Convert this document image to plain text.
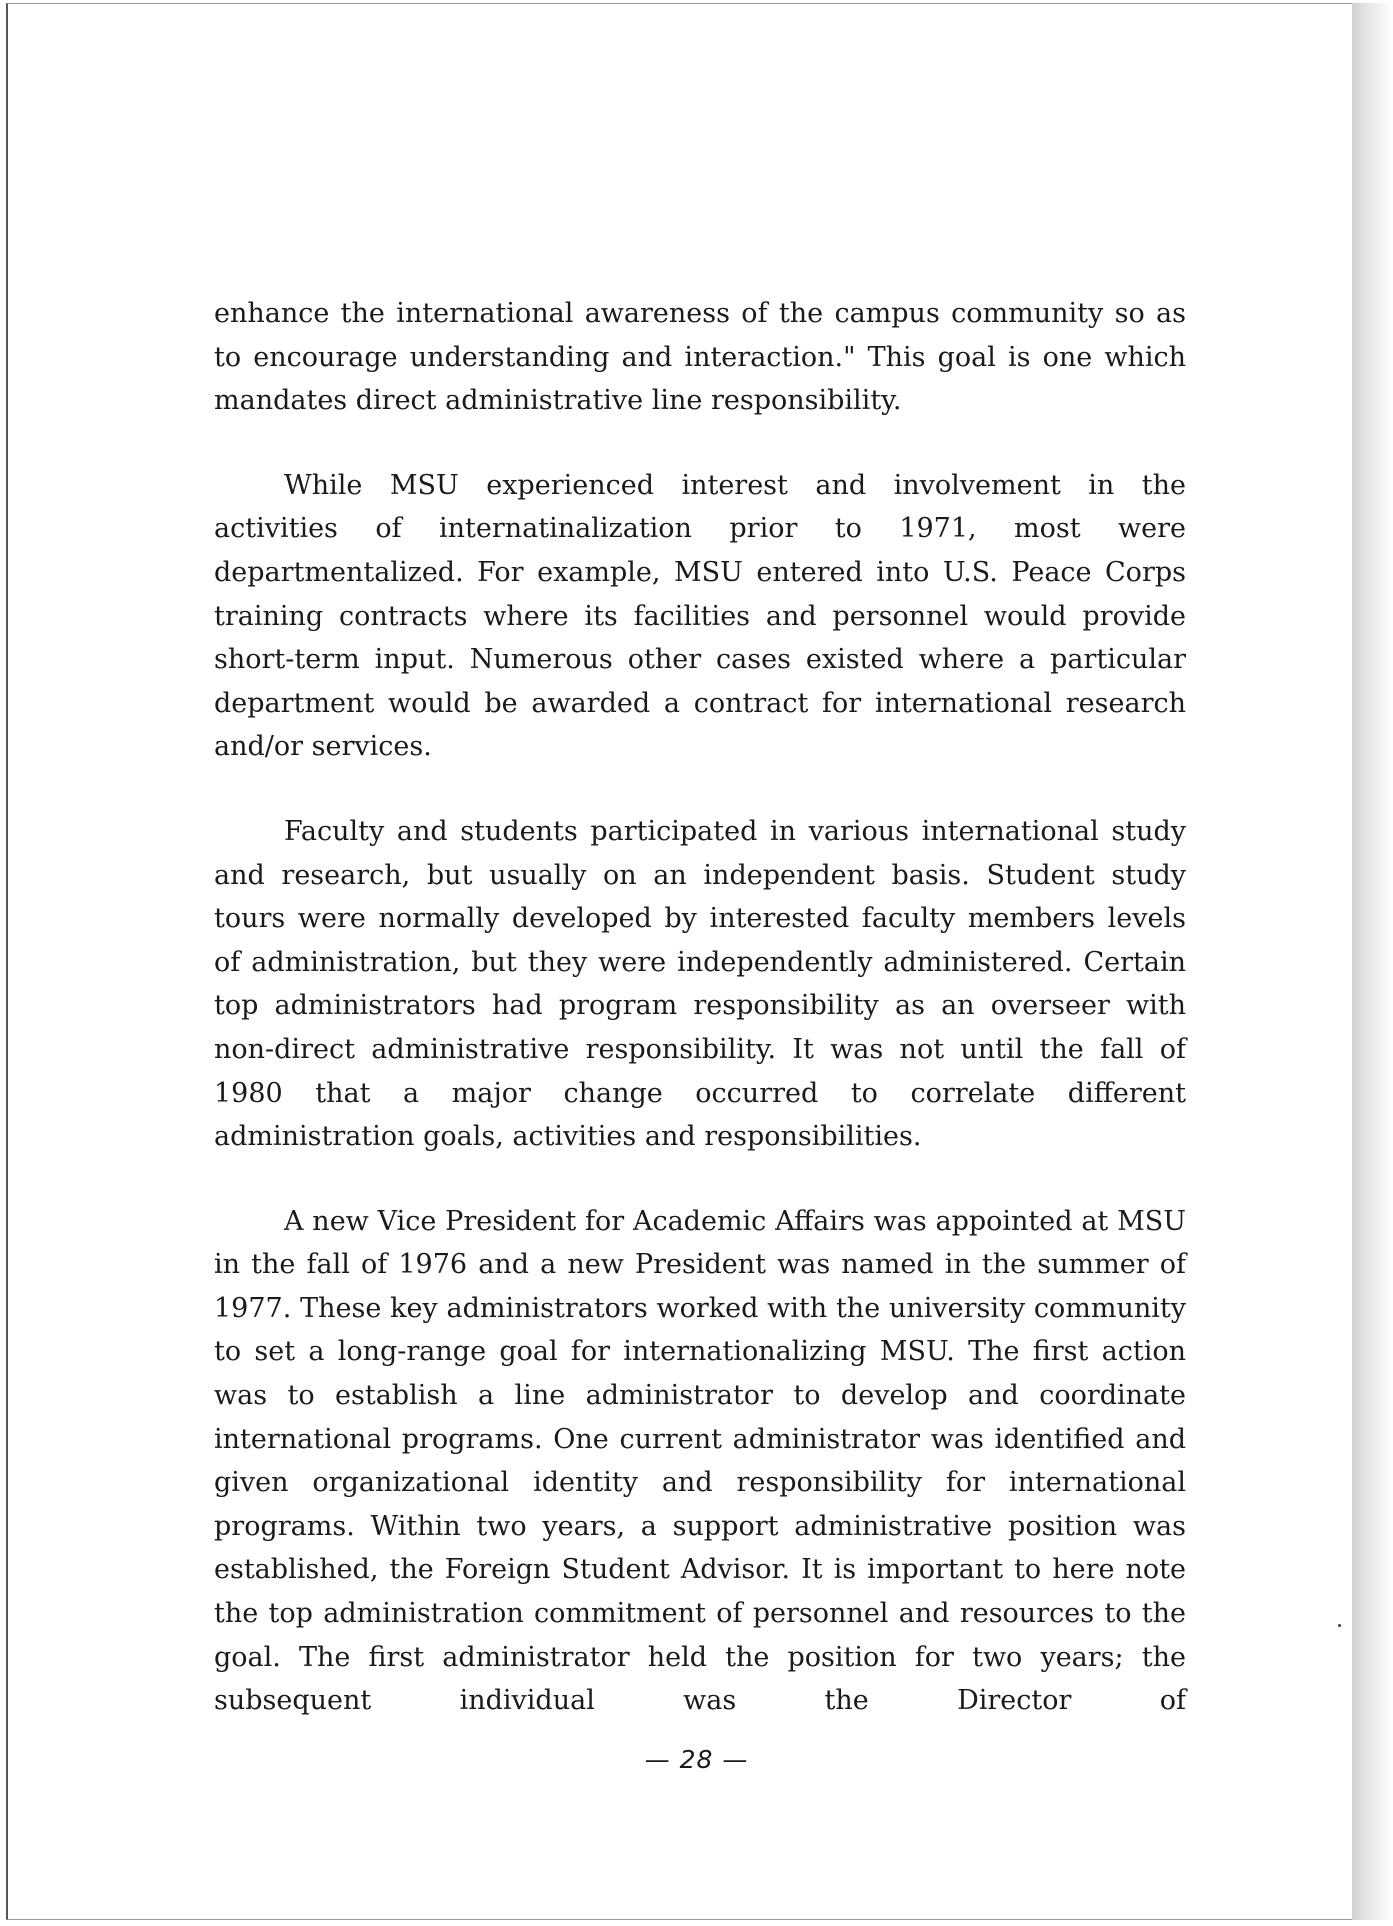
enhance the international awareness of the campus community so as to encourage understanding and interaction." This goal is one which mandates direct administrative line responsibility.

While MSU experienced interest and involvement in the activities of internatinalization prior to 1971, most were departmentalized. For example, MSU entered into U.S. Peace Corps training contracts where its facilities and personnel would provide short-term input. Numerous other cases existed where a particular department would be awarded a contract for international research and/or services.

Faculty and students participated in various international study and research, but usually on an independent basis. Student study tours were normally developed by interested faculty members levels of administration, but they were independently administered. Certain top administrators had program responsibility as an overseer with non-direct administrative responsibility. It was not until the fall of 1980 that a major change occurred to correlate different administration goals, activities and responsibilities.

A new Vice President for Academic Affairs was appointed at MSU in the fall of 1976 and a new President was named in the summer of 1977. These key administrators worked with the university community to set a long-range goal for internationalizing MSU. The first action was to establish a line administrator to develop and coordinate international programs. One current administrator was identified and given organizational identity and responsibility for international programs. Within two years, a support administrative position was established, the Foreign Student Advisor. It is important to here note the top administration commitment of personnel and resources to the goal. The first administrator held the position for two years; the subsequent individual was the Director of

— 28 —
